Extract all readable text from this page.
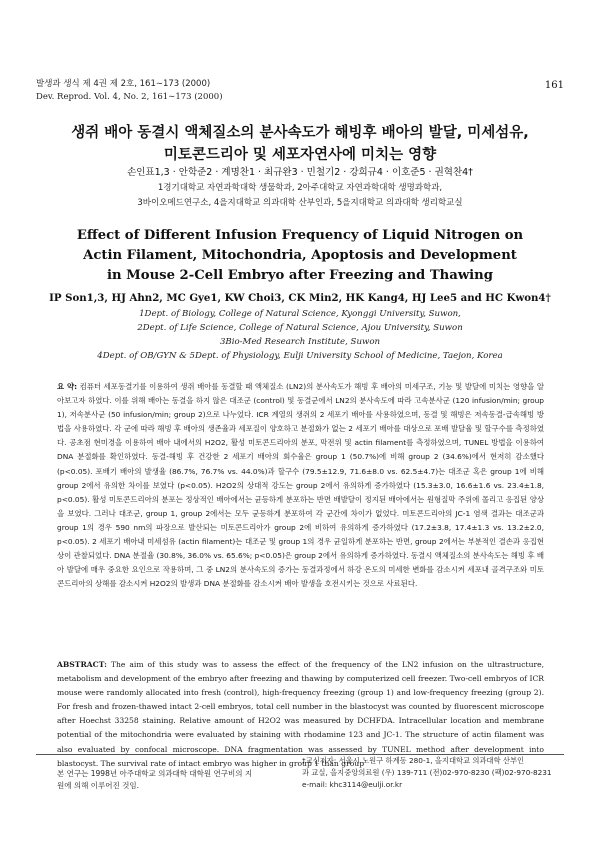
발생과 생식 제 4권 제 2호, 161∼173 (2000)
Dev. Reprod. Vol. 4, No. 2, 161∼173 (2000)
161
생쥐 배아 동결시 액체질소의 분사속도가 해빙후 배아의 발달, 미세섬유,
미토콘드리아 및 세포자연사에 미치는 영향
손인표1,3 · 안학준2 · 계명찬1 · 최규완3 · 민철기2 · 강희규4 · 이호준5 · 권혁찬4†
1경기대학교 자연과학대학 생물학과, 2아주대학교 자연과학대학 생명과학과,
3바이오메드연구소, 4을지대학교 의과대학 산부인과, 5을지대학교 의과대학 생리학교실
Effect of Different Infusion Frequency of Liquid Nitrogen on
Actin Filament, Mitochondria, Apoptosis and Development
in Mouse 2-Cell Embryo after Freezing and Thawing
IP Son1,3, HJ Ahn2, MC Gye1, KW Choi3, CK Min2, HK Kang4, HJ Lee5 and HC Kwon4†
1Dept. of Biology, College of Natural Science, Kyonggi University, Suwon,
2Dept. of Life Science, College of Natural Science, Ajou University, Suwon
3Bio-Med Research Institute, Suwon
4Dept. of OB/GYN & 5Dept. of Physiology, Eulji University School of Medicine, Taejon, Korea
요 약: 컴퓨터 세포동결기를 이용하여 생쥐 배아를 동결할 때 액체질소 (LN2)의 분사속도가 해빙 후 배아의 미세구조, 기능 및 발달에 미치는 영향을 알아보고자 하였다. 이를 위해 배아는 동결을 하지 않은 대조군 (control) 및 동결군에서 LN2의 분사속도에 따라 고속분사군 (120 infusion/min; group 1), 저속분사군 (50 infusion/min; group 2)으로 나누었다. ICR 계열의 생쥐의 2 세포기 배아를 사용하였으며, 동결 및 해빙은 저속동결-급속해빙 방법을 사용하였다. 각 군에 따라 해빙 후 배아의 생존율과 세포질이 양호하고 분절화가 없는 2 세포기 배아를 대상으로 포배 발달율 및 할구수를 측정하였다. 공초점 현미경을 이용하여 배아 내에서의 H2O2, 활성 미토콘드리아의 분포, 막전위 및 actin filament를 측정하였으며, TUNEL 방법을 이용하여 DNA 분절화를 확인하였다. 동결-해빙 후 건강한 2 세포기 배아의 회수율은 group 1 (50.7%)에 비해 group 2 (34.6%)에서 현저히 감소했다 (p<0.05). 포배기 배아의 발생율 (86.7%, 76.7% vs. 44.0%)과 할구수 (79.5±12.9, 71.6±8.0 vs. 62.5±4.7)는 대조군 혹은 group 1에 비해 group 2에서 유의한 차이를 보였다 (p<0.05). H2O2의 상대적 강도는 group 2에서 유의하게 증가하였다 (15.3±3.0, 16.6±1.6 vs. 23.4±1.8, p<0.05). 활성 미토콘드리아의 분포는 정상적인 배아에서는 균등하게 분포하는 반면 배발달이 정지된 배아에서는 원형질막 주위에 몰리고 응집된 양상을 보였다. 그러나 대조군, group 1, group 2에서는 모두 균등하게 분포하여 각 군간에 차이가 없었다. 미토콘드리아의 JC-1 염색 결과는 대조군과 group 1의 경우 590 nm의 파장으로 발산되는 미토콘드리아가 group 2에 비하여 유의하게 증가하였다 (17.2±3.8, 17.4±1.3 vs. 13.2±2.0, p<0.05). 2 세포기 배아내 미세섬유 (actin filament)는 대조군 및 group 1의 경우 균일하게 분포하는 반면, group 2에서는 부분적인 결손과 응집현상이 관찰되었다. DNA 분절율 (30.8%, 36.0% vs. 65.6%; p<0.05)은 group 2에서 유의하게 증가하였다. 동결시 액체질소의 분사속도는 해빙 후 배아 발달에 매우 중요한 요인으로 작용하며, 그 중 LN2의 분사속도의 증가는 동결과정에서 하강 온도의 미세한 변화를 감소시켜 세포내 골격구조와 미토콘드리아의 상해를 감소시켜 H2O2의 발생과 DNA 분절화를 감소시켜 배아 발생을 호전시키는 것으로 사료된다.
ABSTRACT: The aim of this study was to assess the effect of the frequency of the LN2 infusion on the ultrastructure, metabolism and development of the embryo after freezing and thawing by computerized cell freezer. Two-cell embryos of ICR mouse were randomly allocated into fresh (control), high-frequency freezing (group 1) and low-frequency freezing (group 2). For fresh and frozen-thawed intact 2-cell embryos, total cell number in the blastocyst was counted by fluorescent microscope after Hoechst 33258 staining. Relative amount of H2O2 was measured by DCHFDA. Intracellular location and membrane potential of the mitochondria were evaluated by staining with rhodamine 123 and JC-1. The structure of actin filament was also evaluated by confocal microscope. DNA fragmentation was assessed by TUNEL method after development into blastocyst. The survival rate of intact embryo was higher in group 1 than group
본 연구는 1998년 아주대학교 의과대학 대학원 연구비의 지원에 의해 이루어진 것임.
†교신저자: 서울시 노원구 하계동 280-1, 을지대학교 의과대학 산부인
과 교실, 을지중앙의료원 (우) 139-711 (전)02-970-8230 (팩)02-970-8231
e-mail: khc3114@eulji.or.kr
